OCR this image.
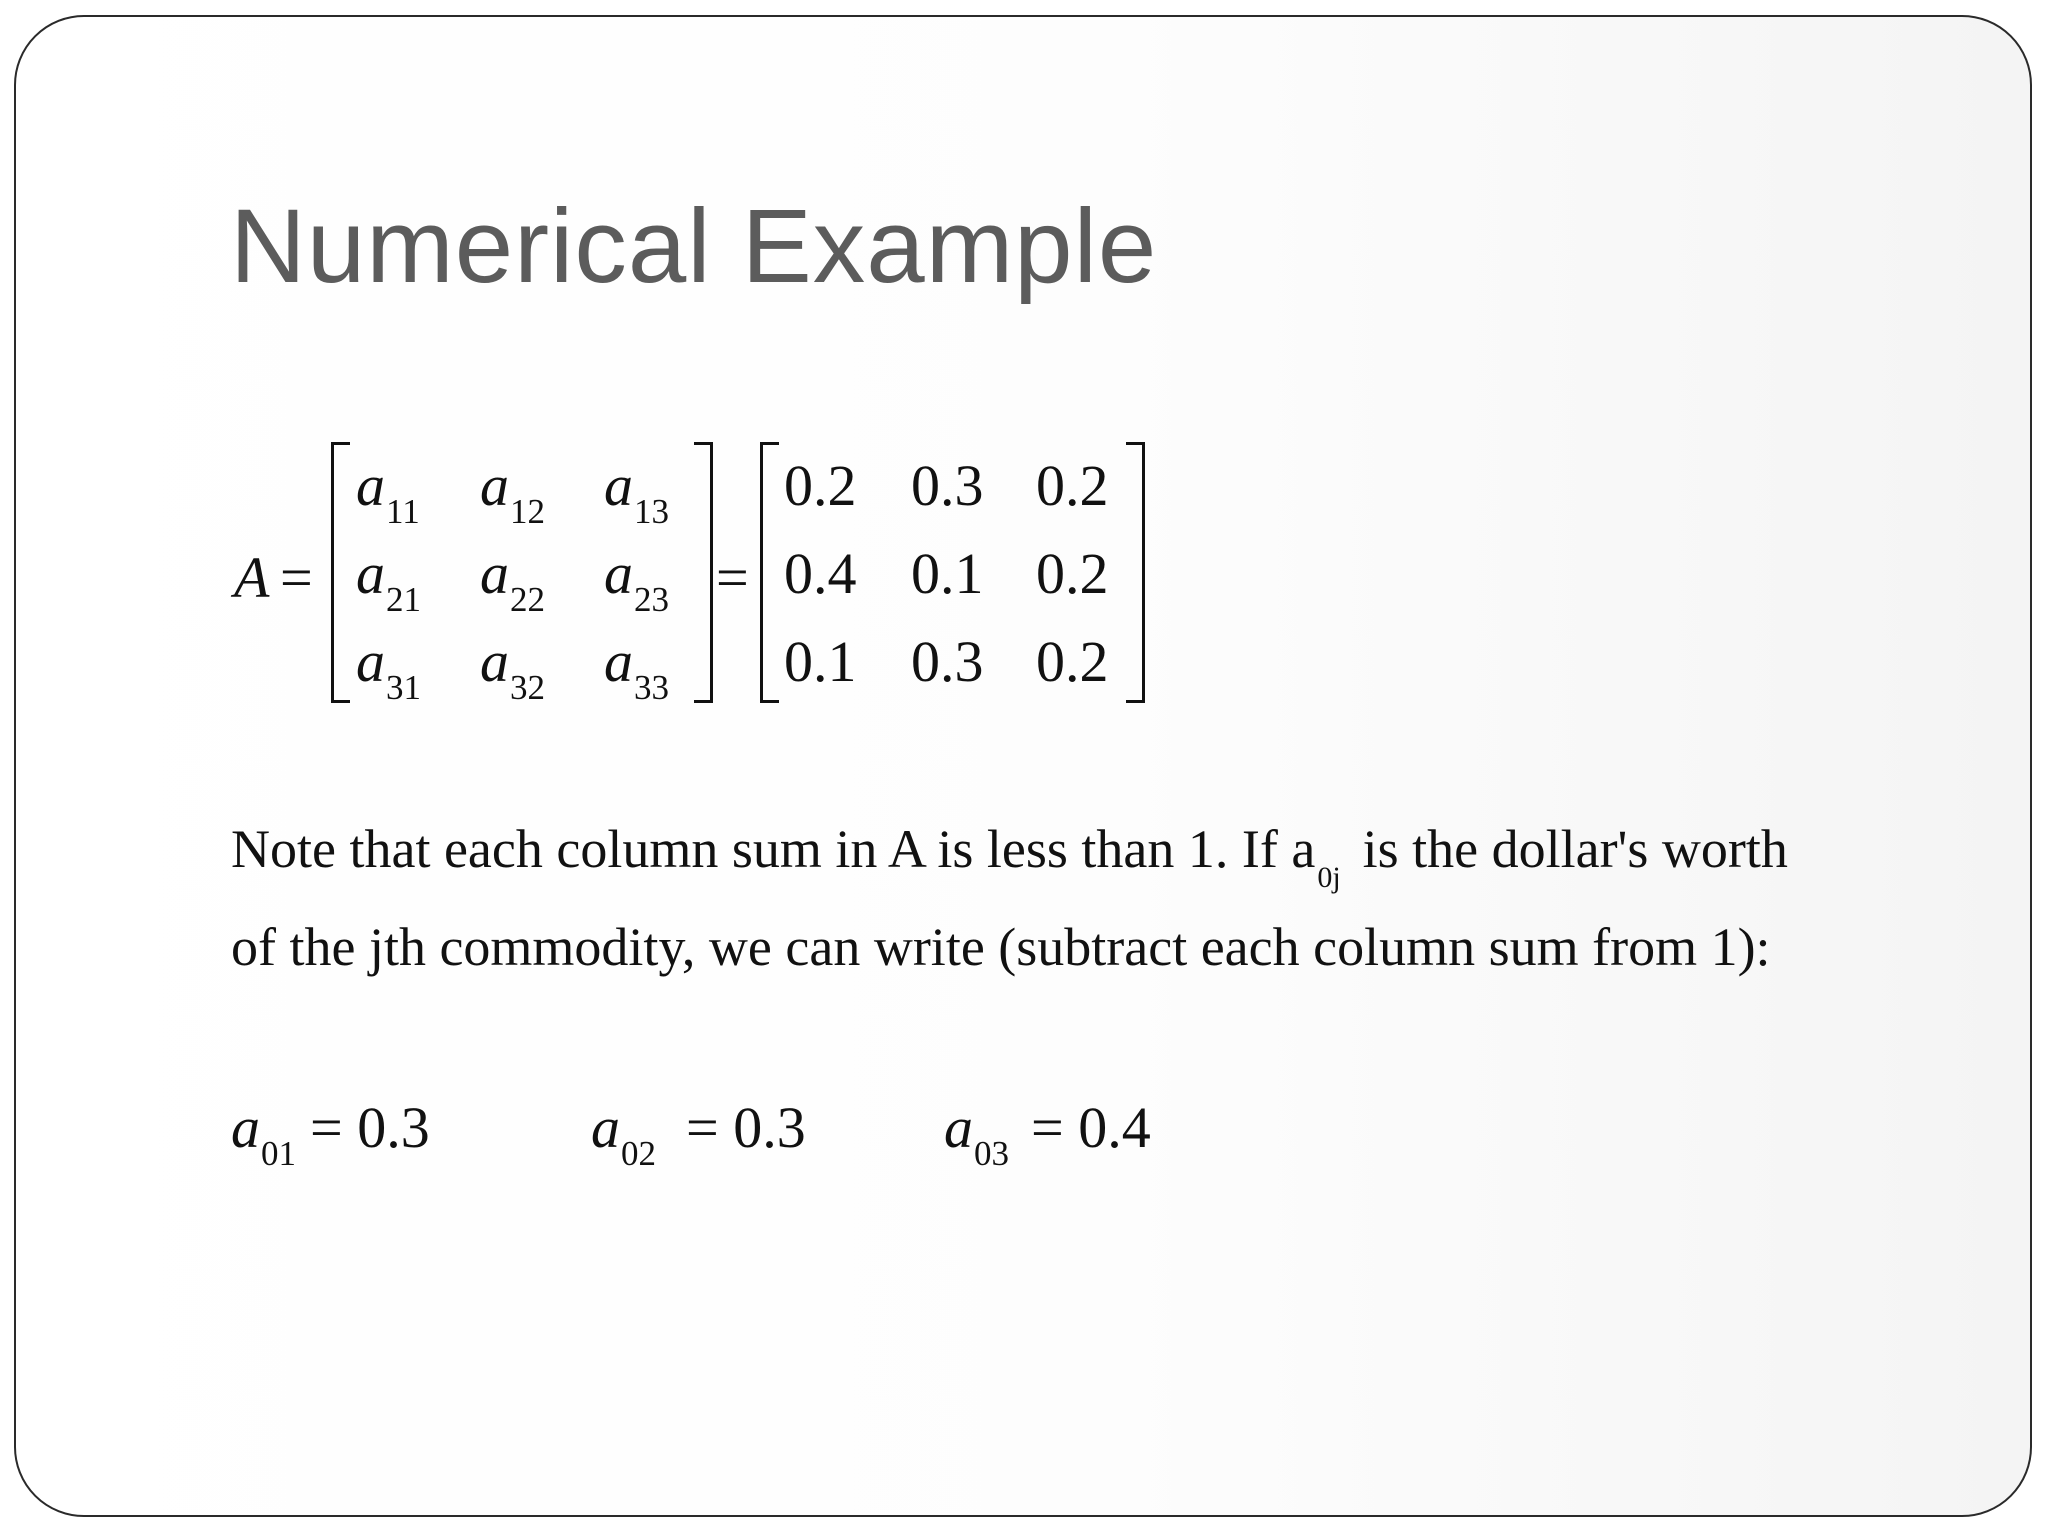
Numerical Example
A =
$a_{11}$ $a_{12}$ $a_{13}$
$a_{21}$ $a_{22}$ $a_{23}$
$a_{31}$ $a_{32}$ $a_{33}$
=
0.2 0.3 0.2
0.4 0.1 0.2
0.1 0.3 0.2
Note that each column sum in A is less than 1. If $a_{0j}$ is the dollar's worth
of the jth commodity, we can write (subtract each column sum from 1):
$a_{01} = 0.3$	$a_{02} = 0.3$ $a_{03} = 0.4$
